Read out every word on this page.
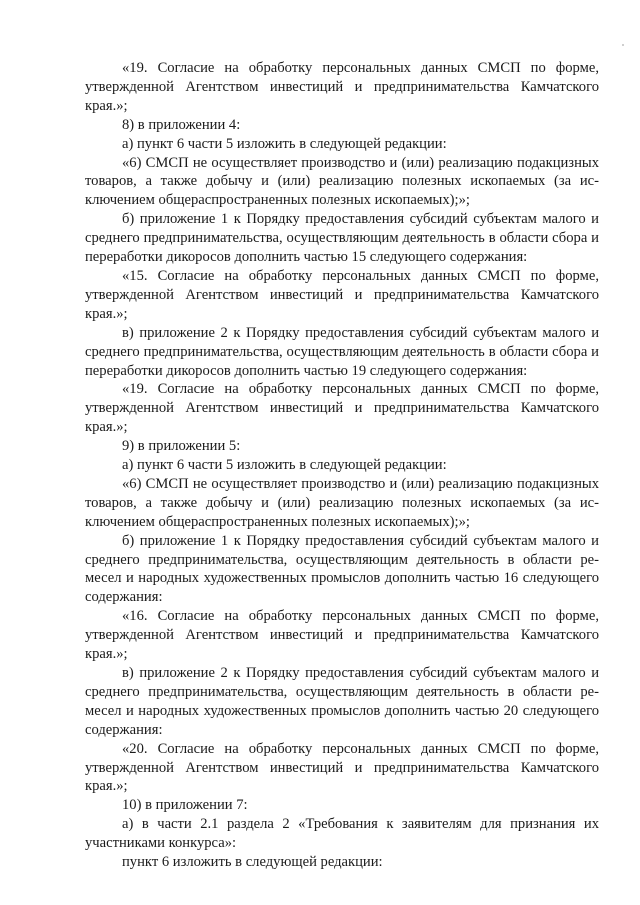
«19. Согласие на обработку персональных данных СМСП по форме, утвержденной Агентством инвестиций и предпринимательства Камчатского края.»;

8) в приложении 4:

а) пункт 6 части 5 изложить в следующей редакции:

«6) СМСП не осуществляет производство и (или) реализацию подакцизных товаров, а также добычу и (или) реализацию полезных ископаемых (за исключением общераспространенных полезных ископаемых);»;

б) приложение 1 к Порядку предоставления субсидий субъектам малого и среднего предпринимательства, осуществляющим деятельность в области сбора и переработки дикоросов дополнить частью 15 следующего содержания:

«15. Согласие на обработку персональных данных СМСП по форме, утвержденной Агентством инвестиций и предпринимательства Камчатского края.»;

в) приложение 2 к Порядку предоставления субсидий субъектам малого и среднего предпринимательства, осуществляющим деятельность в области сбора и переработки дикоросов дополнить частью 19 следующего содержания:

«19. Согласие на обработку персональных данных СМСП по форме, утвержденной Агентством инвестиций и предпринимательства Камчатского края.»;

9) в приложении 5:

а) пункт 6 части 5 изложить в следующей редакции:

«6) СМСП не осуществляет производство и (или) реализацию подакцизных товаров, а также добычу и (или) реализацию полезных ископаемых (за исключением общераспространенных полезных ископаемых);»;

б) приложение 1 к Порядку предоставления субсидий субъектам малого и среднего предпринимательства, осуществляющим деятельность в области ремесел и народных художественных промыслов дополнить частью 16 следующего содержания:

«16. Согласие на обработку персональных данных СМСП по форме, утвержденной Агентством инвестиций и предпринимательства Камчатского края.»;

в) приложение 2 к Порядку предоставления субсидий субъектам малого и среднего предпринимательства, осуществляющим деятельность в области ремесел и народных художественных промыслов дополнить частью 20 следующего содержания:

«20. Согласие на обработку персональных данных СМСП по форме, утвержденной Агентством инвестиций и предпринимательства Камчатского края.»;

10) в приложении 7:

а) в части 2.1 раздела 2 «Требования к заявителям для признания их участниками конкурса»:

пункт 6 изложить в следующей редакции:
